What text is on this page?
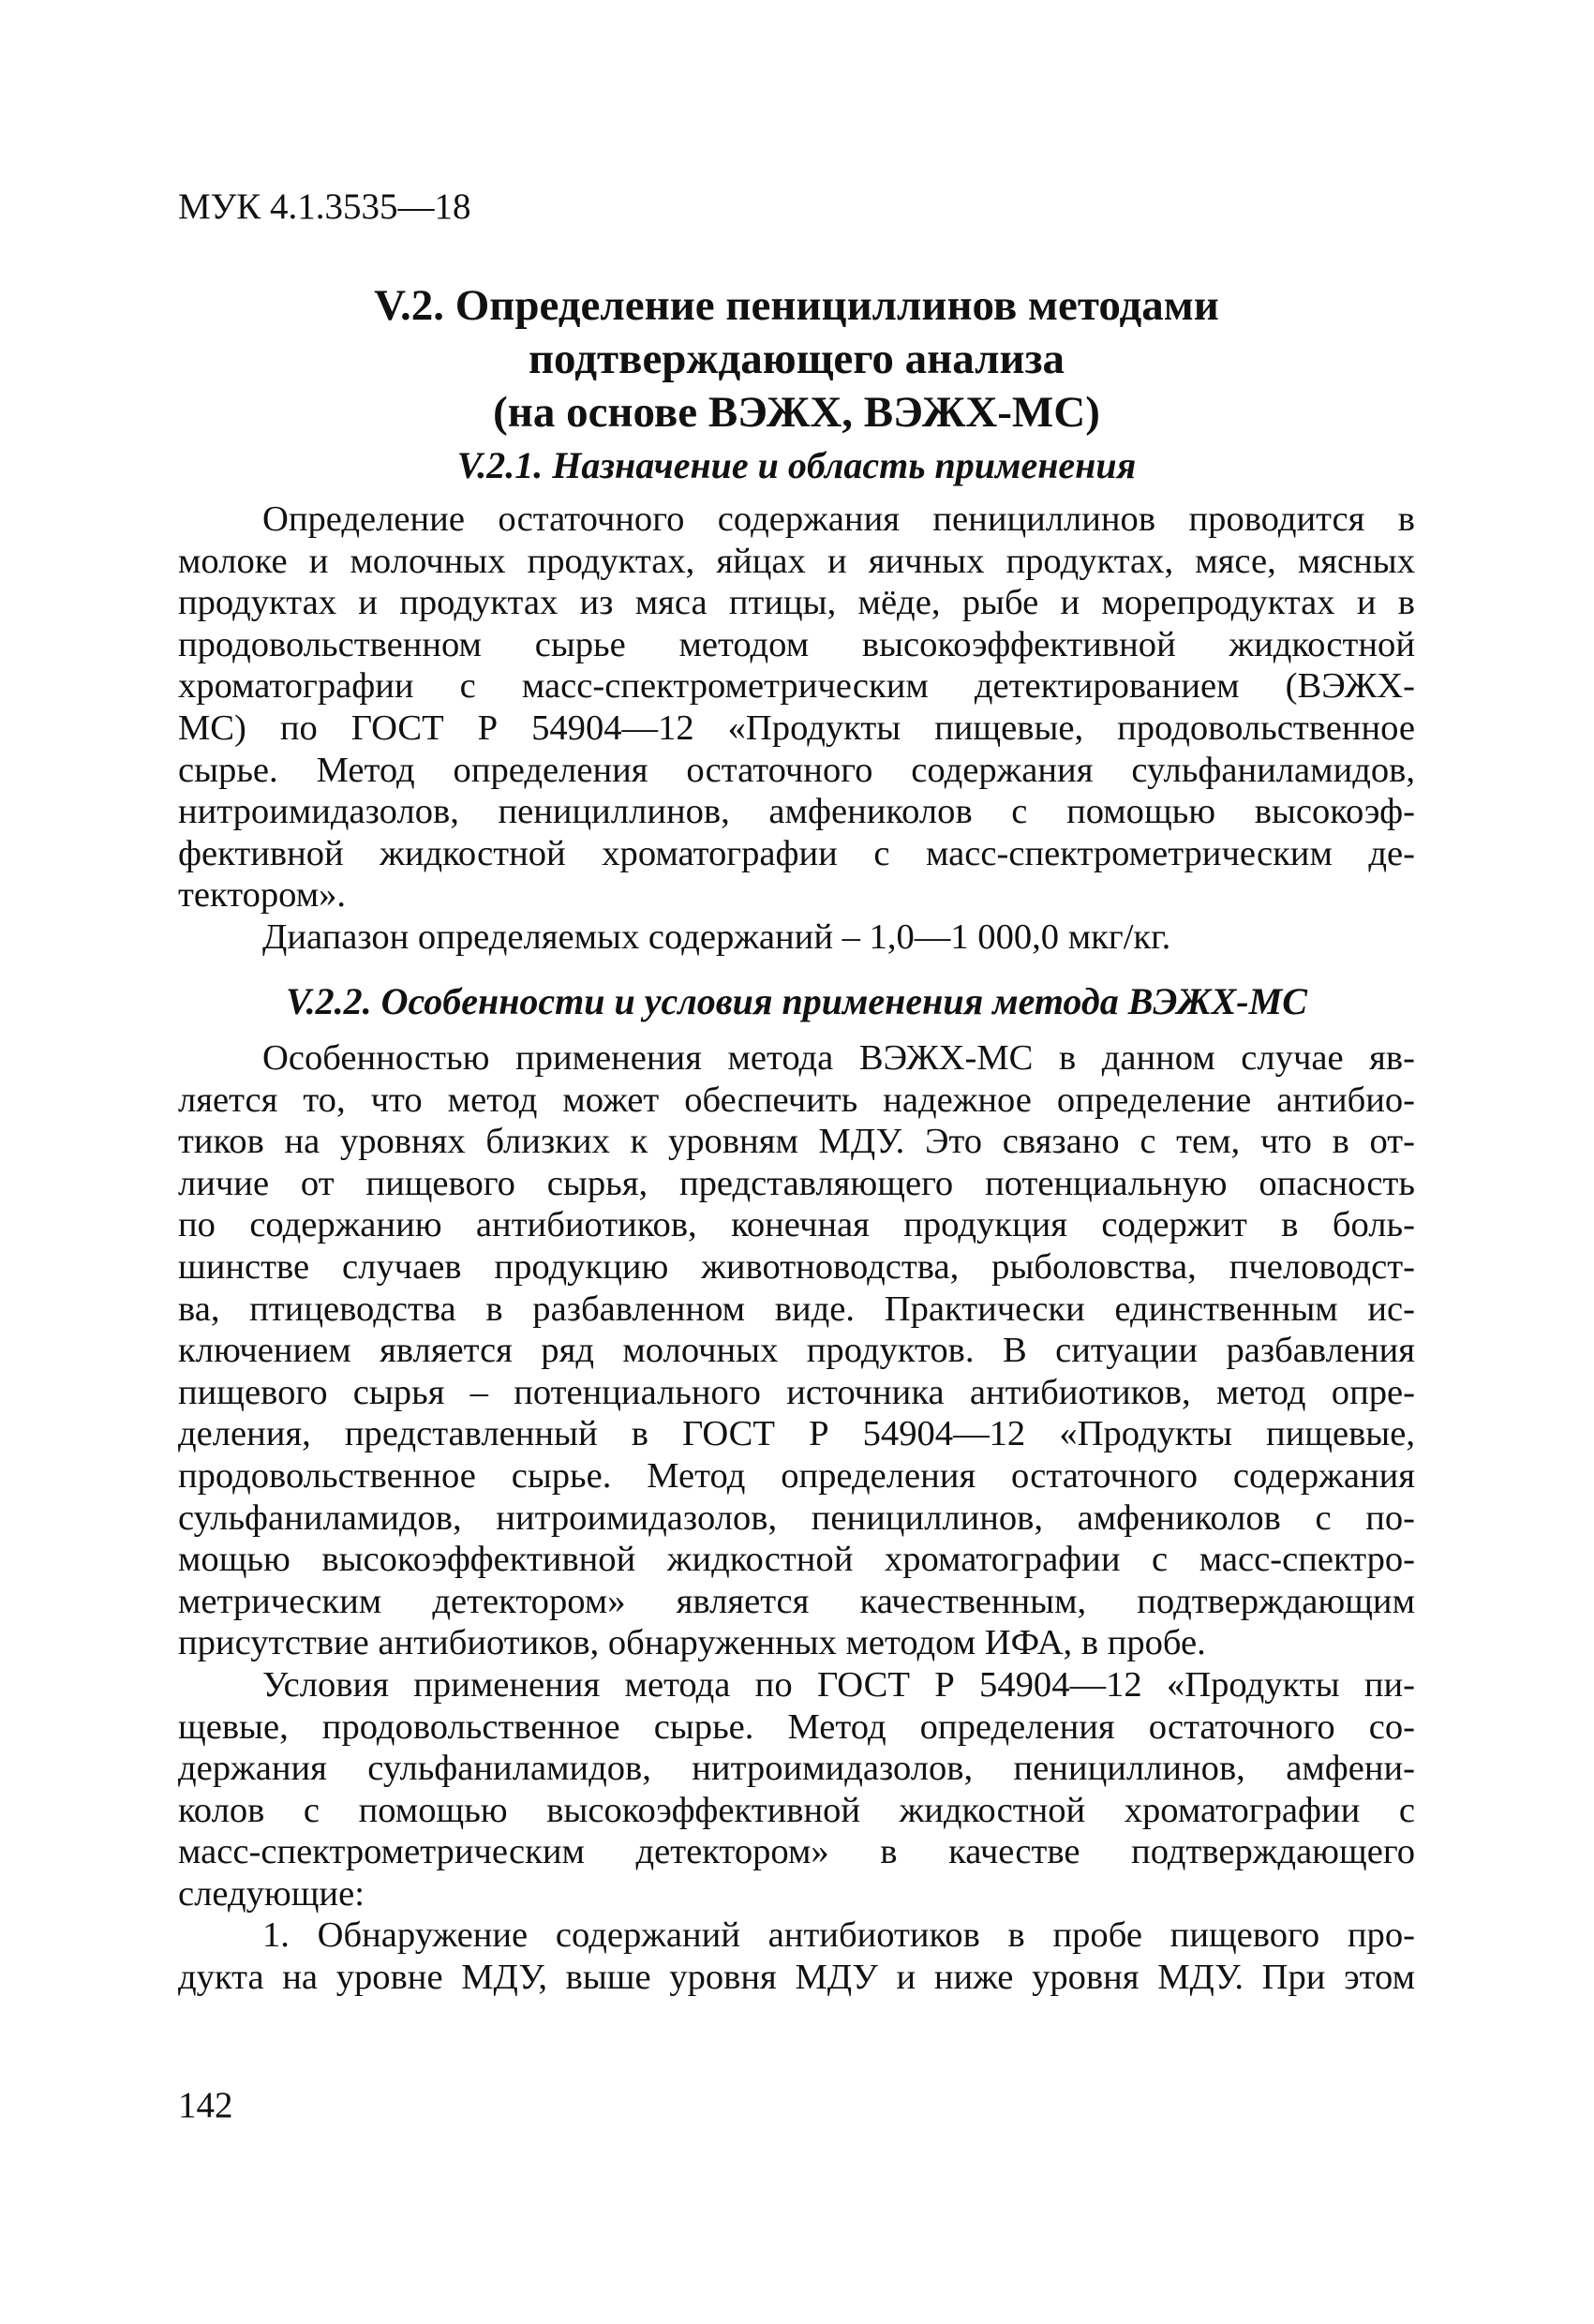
МУК 4.1.3535—18
V.2. Определение пенициллинов методами
подтверждающего анализа
(на основе ВЭЖХ, ВЭЖХ-МС)
V.2.1. Назначение и область применения
Определение остаточного содержания пенициллинов проводится в
молоке и молочных продуктах, яйцах и яичных продуктах, мясе, мясных
продуктах и продуктах из мяса птицы, мёде, рыбе и морепродуктах и в
продовольственном сырье методом высокоэффективной жидкостной
хроматографии с масс-спектрометрическим детектированием (ВЭЖХ-
МС) по ГОСТ Р 54904—12 «Продукты пищевые, продовольственное
сырье. Метод определения остаточного содержания сульфаниламидов,
нитроимидазолов, пенициллинов, амфениколов с помощью высокоэф-
фективной жидкостной хроматографии с масс-спектрометрическим де-
тектором».
Диапазон определяемых содержаний – 1,0—1 000,0 мкг/кг.
V.2.2. Особенности и условия применения метода ВЭЖХ-МС
Особенностью применения метода ВЭЖХ-МС в данном случае яв-
ляется то, что метод может обеспечить надежное определение антибио-
тиков на уровнях близких к уровням МДУ. Это связано с тем, что в от-
личие от пищевого сырья, представляющего потенциальную опасность
по содержанию антибиотиков, конечная продукция содержит в боль-
шинстве случаев продукцию животноводства, рыболовства, пчеловодст-
ва, птицеводства в разбавленном виде. Практически единственным ис-
ключением является ряд молочных продуктов. В ситуации разбавления
пищевого сырья – потенциального источника антибиотиков, метод опре-
деления, представленный в ГОСТ Р 54904—12 «Продукты пищевые,
продовольственное сырье. Метод определения остаточного содержания
сульфаниламидов, нитроимидазолов, пенициллинов, амфениколов с по-
мощью высокоэффективной жидкостной хроматографии с масс-спектро-
метрическим детектором» является качественным, подтверждающим
присутствие антибиотиков, обнаруженных методом ИФА, в пробе.
Условия применения метода по ГОСТ Р 54904—12 «Продукты пи-
щевые, продовольственное сырье. Метод определения остаточного со-
держания сульфаниламидов, нитроимидазолов, пенициллинов, амфени-
колов с помощью высокоэффективной жидкостной хроматографии с
масс-спектрометрическим детектором» в качестве подтверждающего
следующие:
1. Обнаружение содержаний антибиотиков в пробе пищевого про-
дукта на уровне МДУ, выше уровня МДУ и ниже уровня МДУ. При этом
142
